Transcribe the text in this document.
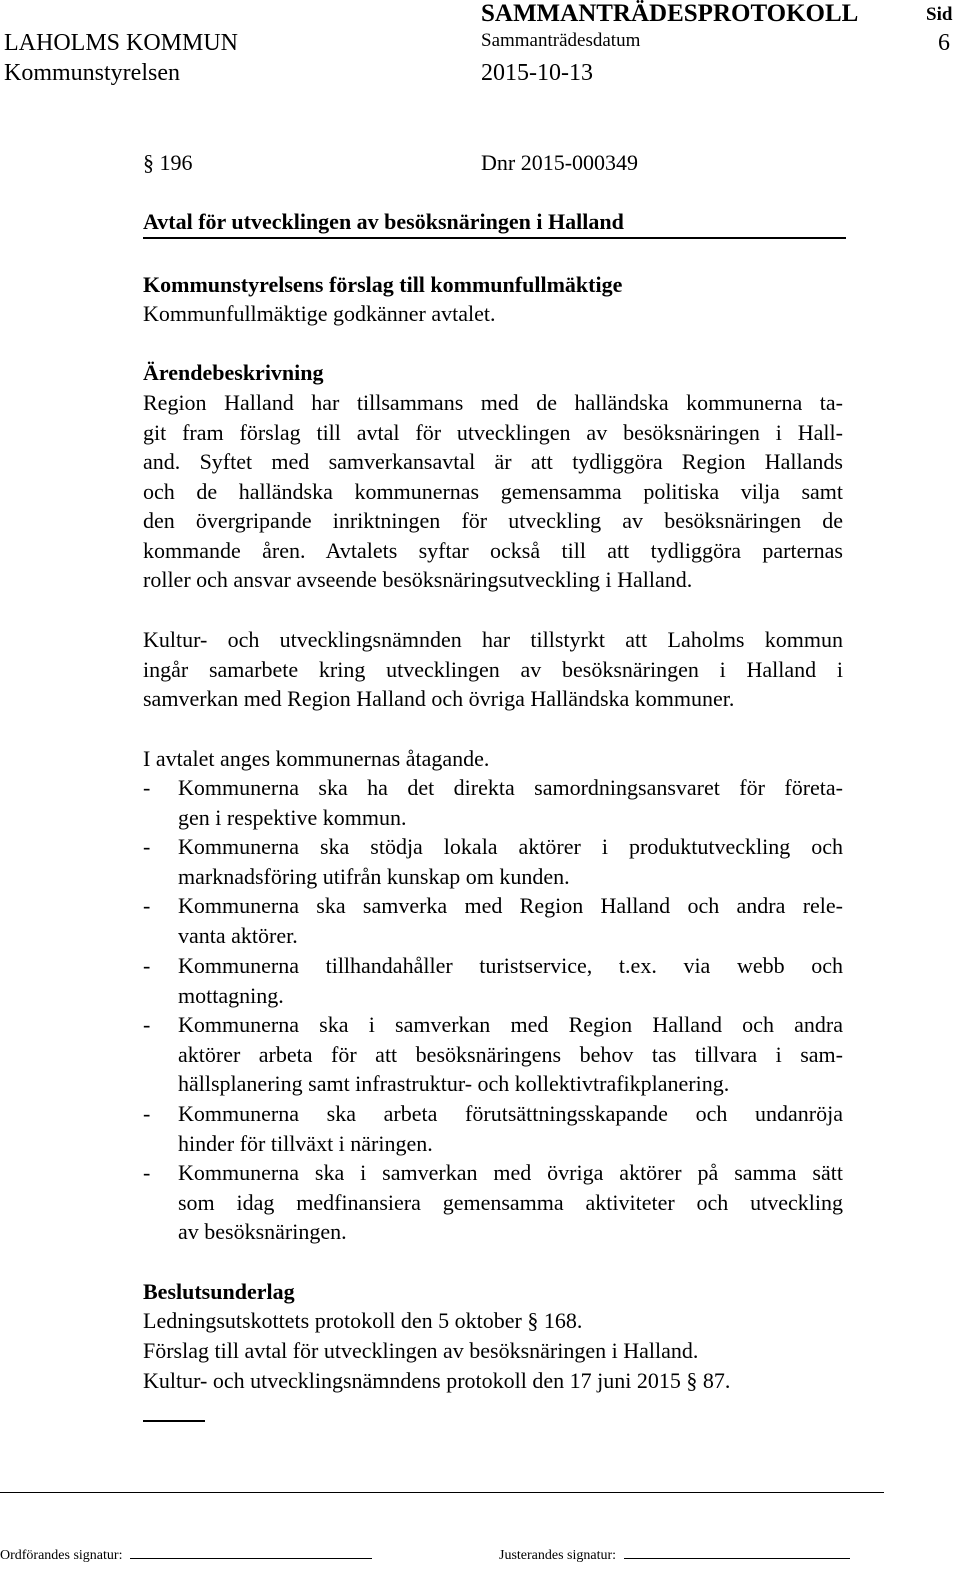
LAHOLMS KOMMUN
Kommunstyrelsen
SAMMANTRÄDESPROTOKOLL
Sammanträdesdatum
2015-10-13
Sid
6
§ 196	Dnr 2015-000349
Avtal för utvecklingen av besöksnäringen i Halland
Kommunstyrelsens förslag till kommunfullmäktige
Kommunfullmäktige godkänner avtalet.
Ärendebeskrivning
Region Halland har tillsammans med de halländska kommunerna ta-
git fram förslag till avtal för utvecklingen av besöksnäringen i Hall-
and. Syftet med samverkansavtal är att tydliggöra Region Hallands
och de halländska kommunernas gemensamma politiska vilja samt
den övergripande inriktningen för utveckling av besöksnäringen de
kommande åren. Avtalets syftar också till att tydliggöra parternas
roller och ansvar avseende besöksnäringsutveckling i Halland.
Kultur- och utvecklingsnämnden har tillstyrkt att Laholms kommun
ingår samarbete kring utvecklingen av besöksnäringen i Halland i
samverkan med Region Halland och övriga Halländska kommuner.
I avtalet anges kommunernas åtagande.
- Kommunerna ska ha det direkta samordningsansvaret för företa-
gen i respektive kommun.
- Kommunerna ska stödja lokala aktörer i produktutveckling och
marknadsföring utifrån kunskap om kunden.
- Kommunerna ska samverka med Region Halland och andra rele-
vanta aktörer.
- Kommunerna tillhandahåller turistservice, t.ex. via webb och
mottagning.
- Kommunerna ska i samverkan med Region Halland och andra
aktörer arbeta för att besöksnäringens behov tas tillvara i sam-
hällsplanering samt infrastruktur- och kollektivtrafikplanering.
- Kommunerna ska arbeta förutsättningsskapande och undanröja
hinder för tillväxt i näringen.
- Kommunerna ska i samverkan med övriga aktörer på samma sätt
som idag medfinansiera gemensamma aktiviteter och utveckling
av besöksnäringen.
Beslutsunderlag
Ledningsutskottets protokoll den 5 oktober § 168.
Förslag till avtal för utvecklingen av besöksnäringen i Halland.
Kultur- och utvecklingsnämndens protokoll den 17 juni 2015 § 87.
Ordförandes signatur:	Justerandes signatur:
